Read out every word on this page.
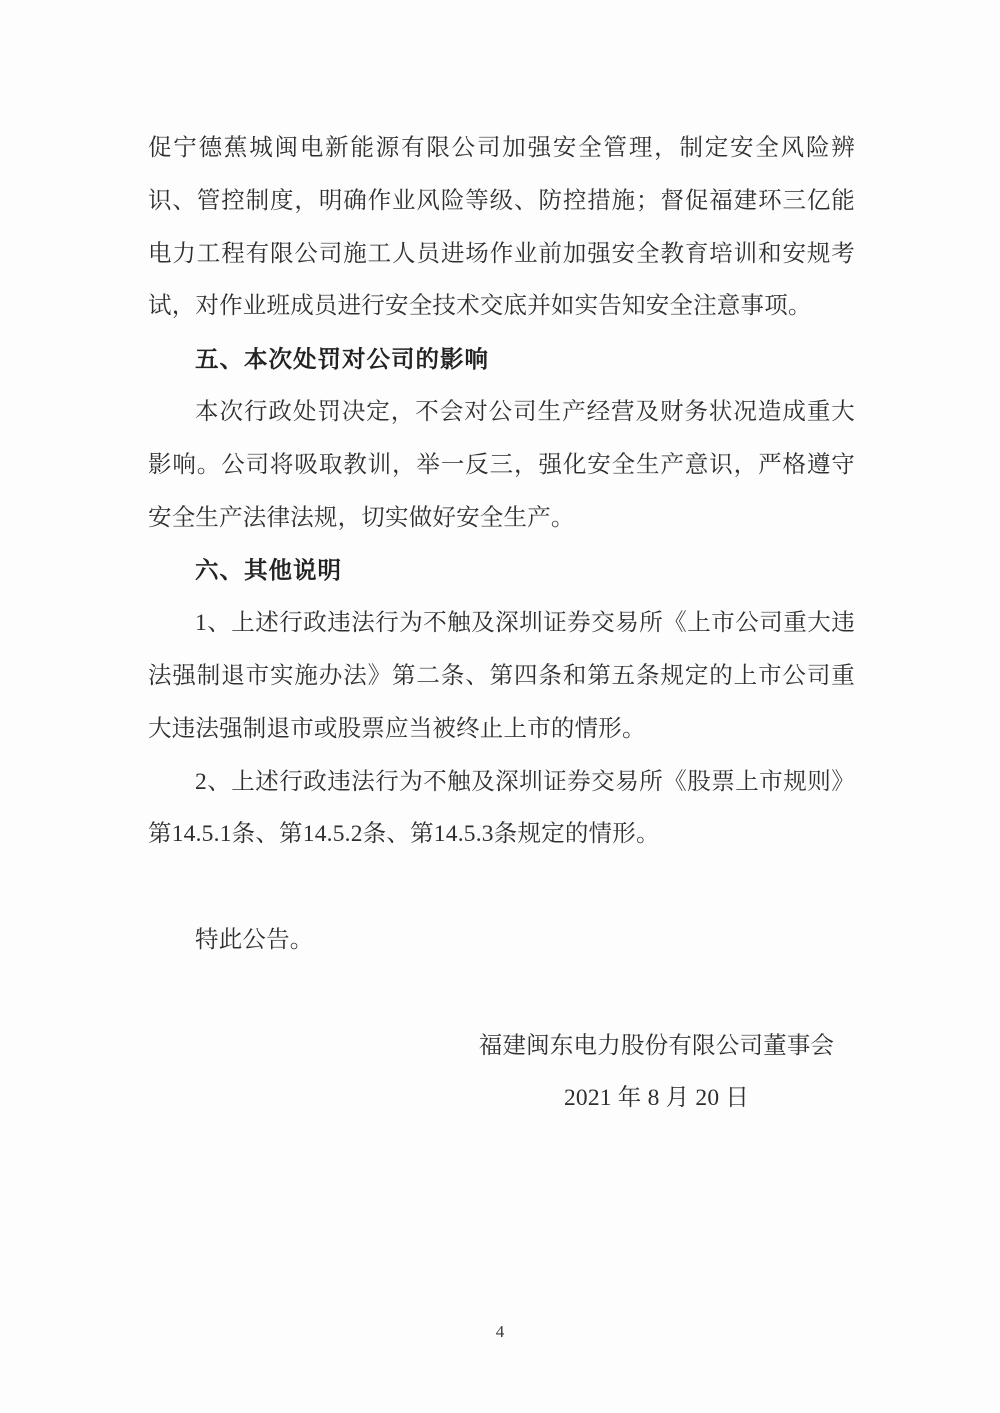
促宁德蕉城闽电新能源有限公司加强安全管理，制定安全风险辨识、管控制度，明确作业风险等级、防控措施；督促福建环三亿能电力工程有限公司施工人员进场作业前加强安全教育培训和安规考试，对作业班成员进行安全技术交底并如实告知安全注意事项。

五、本次处罚对公司的影响

本次行政处罚决定，不会对公司生产经营及财务状况造成重大影响。公司将吸取教训，举一反三，强化安全生产意识，严格遵守安全生产法律法规，切实做好安全生产。

六、其他说明

1、上述行政违法行为不触及深圳证券交易所《上市公司重大违法强制退市实施办法》第二条、第四条和第五条规定的上市公司重大违法强制退市或股票应当被终止上市的情形。

2、上述行政违法行为不触及深圳证券交易所《股票上市规则》第14.5.1条、第14.5.2条、第14.5.3条规定的情形。

特此公告。

福建闽东电力股份有限公司董事会

2021 年 8 月 20 日

4
